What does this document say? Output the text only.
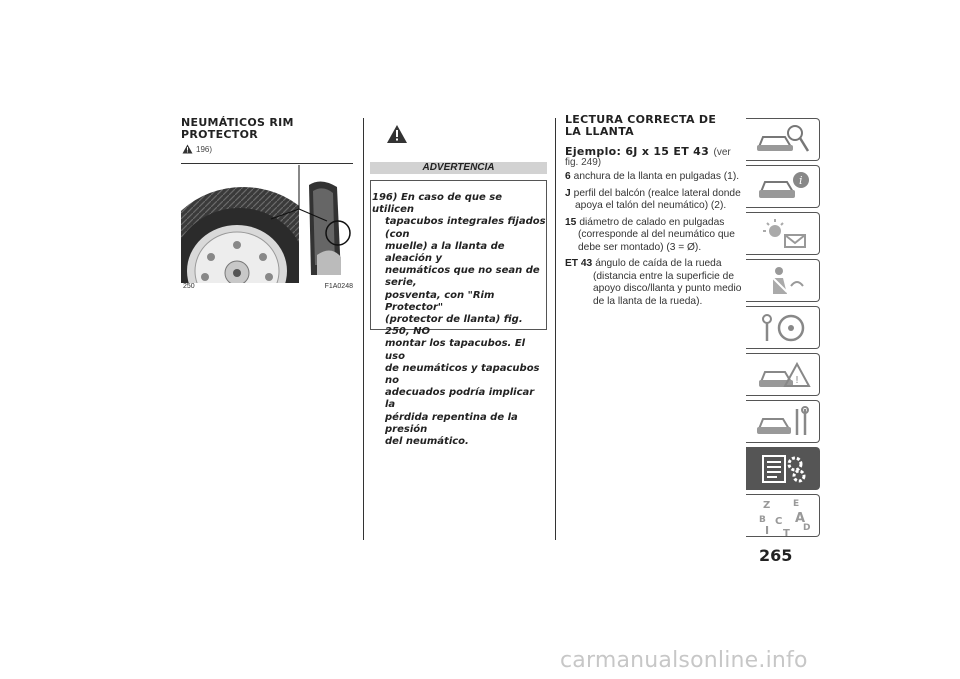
NEUMÁTICOS RIM
PROTECTOR
196)
250	F1A0248
ADVERTENCIA
196) En caso de que se utilicen
tapacubos integrales fijados (con
muelle) a la llanta de aleación y
neumáticos que no sean de serie,
posventa, con "Rim Protector"
(protector de llanta) fig. 250, NO
montar los tapacubos. El uso
de neumáticos y tapacubos no
adecuados podría implicar la
pérdida repentina de la presión
del neumático.
LECTURA CORRECTA DE
LA LLANTA
Ejemplo: 6J x 15 ET 43 (ver
fig. 249)
6 anchura de la llanta en pulgadas (1).
J perfil del balcón (realce lateral donde
apoya el talón del neumático) (2).
15 diámetro de calado en pulgadas
(corresponde al del neumático que
debe ser montado) (3 = Ø).
ET 43 ángulo de caída de la rueda
(distancia entre la superficie de
apoyo disco/llanta y punto medio
de la llanta de la rueda).
i
!
Z	E
B A
C
D
I T
265
carmanualsonline.info
